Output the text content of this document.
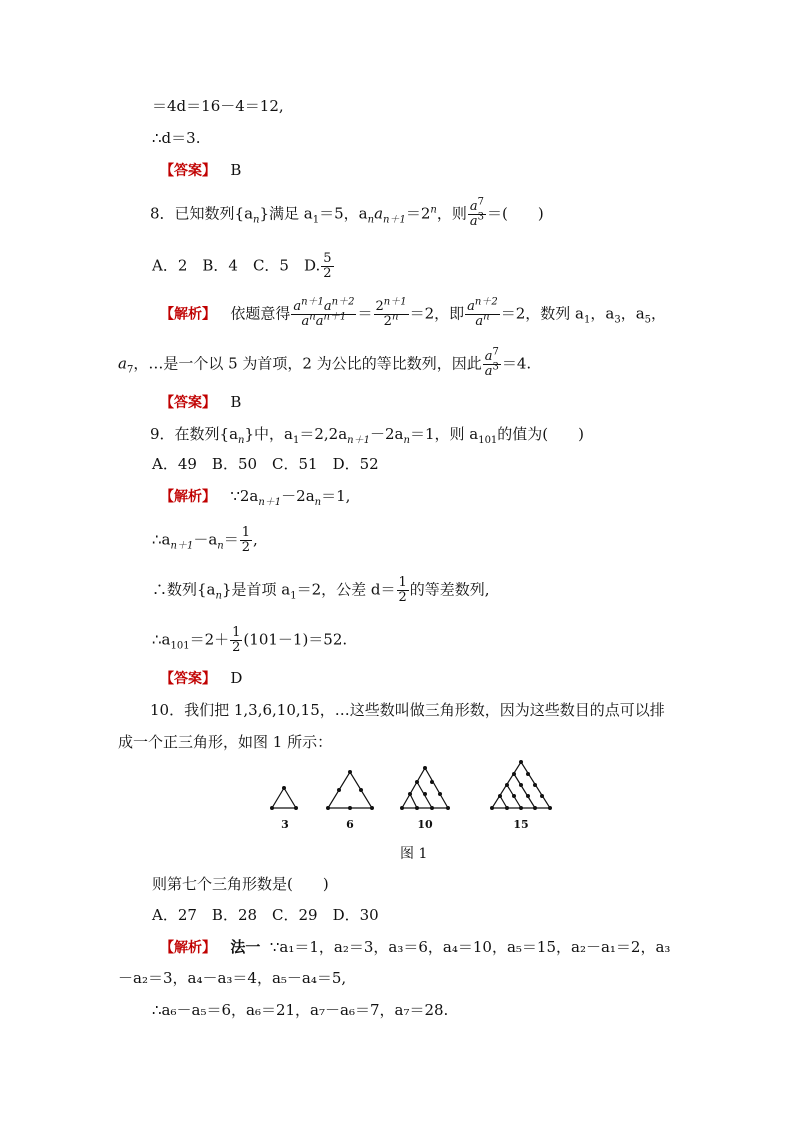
＝4d＝16－4＝12,
∴d＝3.
【答案】 B
8．已知数列$\{a_n\}$满足 $a_1=5$，$a_na_{n+1}=2^n$，则 $\frac{a^7}{a^3}$ ＝(　　)
A．2　B．4　C．5　D. $\frac{5}{2}$
【解析】 依题意得 $\frac{a^{n+1}a^{n+2}}{a^na^{n+1}} = \frac{2^{n+1}}{2^n} =2$，即 $\frac{a^{n+2}}{a^n} =2$，数列 $a_1$，$a_3$，$a_5$，
$a_7$，…是一个以 5 为首项，2 为公比的等比数列，因此 $\frac{a^7}{a^3} =4$.
【答案】 B
9．在数列$\{a_n\}$中，$a_1=2,2a_{n+1}-2a_n=1$，则 $a_{101}$的值为(　　)
A．49　B．50　C．51　D．52
【解析】 $\because 2a_{n+1}-2a_n=1$,
$\therefore a_{n+1}-a_n= \frac{1}{2}$ ,
∴数列$\{a_n\}$是首项 $a_1=2$，公差 $d= \frac{1}{2}$ 的等差数列,
$\therefore a_{101}=2+ \frac{1}{2} (101-1)=52$.
【答案】 D
10．我们把 1,3,6,10,15，…这些数叫做三角形数，因为这些数目的点可以排
成一个正三角形，如图 1 所示：
3	6	10	15
图 1
则第七个三角形数是(　　)
A．27　B．28　C．29　D．30
【解析】 法一 ∵a₁＝1，a₂＝3，a₃＝6，a₄＝10，a₅＝15，a₂－a₁＝2，a₃
－a₂＝3，a₄－a₃＝4，a₅－a₄＝5,
∴a₆－a₅＝6，a₆＝21，a₇－a₆＝7，a₇＝28.
